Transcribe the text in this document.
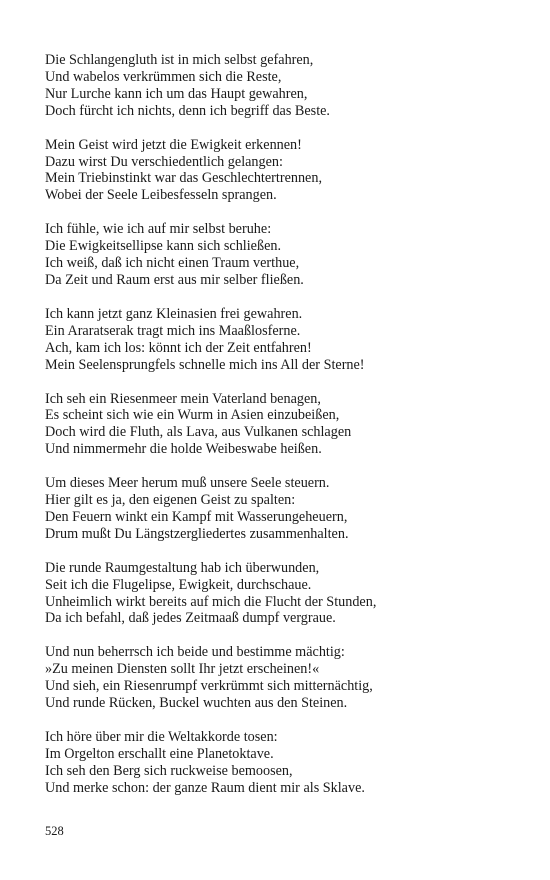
Die Schlangengluth ist in mich selbst gefahren,
Und wabelos verkrümmen sich die Reste,
Nur Lurche kann ich um das Haupt gewahren,
Doch fürcht ich nichts, denn ich begriff das Beste.
Mein Geist wird jetzt die Ewigkeit erkennen!
Dazu wirst Du verschiedentlich gelangen:
Mein Triebinstinkt war das Geschlechtertrennen,
Wobei der Seele Leibesfesseln sprangen.
Ich fühle, wie ich auf mir selbst beruhe:
Die Ewigkeitsellipse kann sich schließen.
Ich weiß, daß ich nicht einen Traum verthue,
Da Zeit und Raum erst aus mir selber fließen.
Ich kann jetzt ganz Kleinasien frei gewahren.
Ein Araratserak tragt mich ins Maaßlosferne.
Ach, kam ich los: könnt ich der Zeit entfahren!
Mein Seelensprungfels schnelle mich ins All der Sterne!
Ich seh ein Riesenmeer mein Vaterland benagen,
Es scheint sich wie ein Wurm in Asien einzubeißen,
Doch wird die Fluth, als Lava, aus Vulkanen schlagen
Und nimmermehr die holde Weibeswabe heißen.
Um dieses Meer herum muß unsere Seele steuern.
Hier gilt es ja, den eigenen Geist zu spalten:
Den Feuern winkt ein Kampf mit Wasserungeheuern,
Drum mußt Du Längstzergliedertes zusammenhalten.
Die runde Raumgestaltung hab ich überwunden,
Seit ich die Flugelipse, Ewigkeit, durchschaue.
Unheimlich wirkt bereits auf mich die Flucht der Stunden,
Da ich befahl, daß jedes Zeitmaaß dumpf vergraue.
Und nun beherrsch ich beide und bestimme mächtig:
»Zu meinen Diensten sollt Ihr jetzt erscheinen!«
Und sieh, ein Riesenrumpf verkrümmt sich mitternächtig,
Und runde Rücken, Buckel wuchten aus den Steinen.
Ich höre über mir die Weltakkorde tosen:
Im Orgelton erschallt eine Planetoktave.
Ich seh den Berg sich ruckweise bemoosen,
Und merke schon: der ganze Raum dient mir als Sklave.
528
